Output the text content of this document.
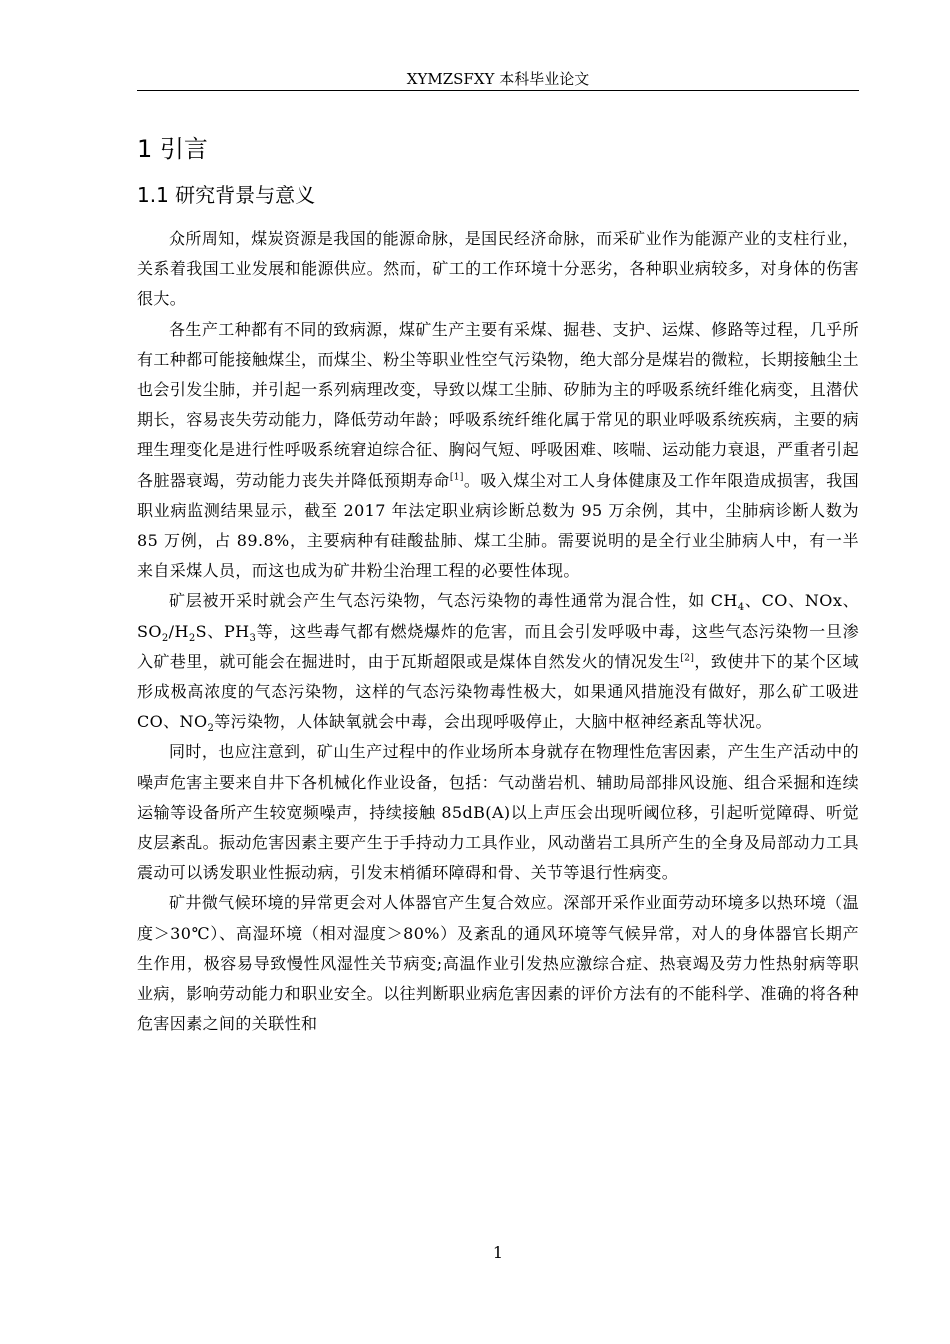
XYMZSFXY 本科毕业论文
1 引言
1.1 研究背景与意义

众所周知，煤炭资源是我国的能源命脉，是国民经济命脉，而采矿业作为能源产业的支柱行业，关系着我国工业发展和能源供应。然而，矿工的工作环境十分恶劣，各种职业病较多，对身体的伤害很大。

各生产工种都有不同的致病源，煤矿生产主要有采煤、掘巷、支护、运煤、修路等过程，几乎所有工种都可能接触煤尘，而煤尘、粉尘等职业性空气污染物，绝大部分是煤岩的微粒，长期接触尘土也会引发尘肺，并引起一系列病理改变，导致以煤工尘肺、矽肺为主的呼吸系统纤维化病变，且潜伏期长，容易丧失劳动能力，降低劳动年龄；呼吸系统纤维化属于常见的职业呼吸系统疾病，主要的病理生理变化是进行性呼吸系统窘迫综合征、胸闷气短、呼吸困难、咳喘、运动能力衰退，严重者引起各脏器衰竭，劳动能力丧失并降低预期寿命[1]。吸入煤尘对工人身体健康及工作年限造成损害，我国职业病监测结果显示，截至 2017 年法定职业病诊断总数为 95 万余例，其中，尘肺病诊断人数为 85 万例，占 89.8%，主要病种有硅酸盐肺、煤工尘肺。需要说明的是全行业尘肺病人中，有一半来自采煤人员，而这也成为矿井粉尘治理工程的必要性体现。

矿层被开采时就会产生气态污染物，气态污染物的毒性通常为混合性，如 $CH_4$、CO、NOx、$SO_2/H_2S$、$PH_3$等，这些毒气都有燃烧爆炸的危害，而且会引发呼吸中毒，这些气态污染物一旦渗入矿巷里，就可能会在掘进时，由于瓦斯超限或是煤体自然发火的情况发生[2]，致使井下的某个区域形成极高浓度的气态污染物，这样的气态污染物毒性极大，如果通风措施没有做好，那么矿工吸进 CO、$NO_2$等污染物，人体缺氧就会中毒，会出现呼吸停止，大脑中枢神经紊乱等状况。

同时，也应注意到，矿山生产过程中的作业场所本身就存在物理性危害因素，产生生产活动中的噪声危害主要来自井下各机械化作业设备，包括：气动凿岩机、辅助局部排风设施、组合采掘和连续运输等设备所产生较宽频噪声，持续接触 85dB(A)以上声压会出现听阈位移，引起听觉障碍、听觉皮层紊乱。振动危害因素主要产生于手持动力工具作业，风动凿岩工具所产生的全身及局部动力工具震动可以诱发职业性振动病，引发末梢循环障碍和骨、关节等退行性病变。

矿井微气候环境的异常更会对人体器官产生复合效应。深部开采作业面劳动环境多以热环境（温度＞30℃）、高湿环境（相对湿度＞80%）及紊乱的通风环境等气候异常，对人的身体器官长期产生作用，极容易导致慢性风湿性关节病变;高温作业引发热应激综合症、热衰竭及劳力性热射病等职业病，影响劳动能力和职业安全。以往判断职业病危害因素的评价方法有的不能科学、准确的将各种危害因素之间的关联性和

1
